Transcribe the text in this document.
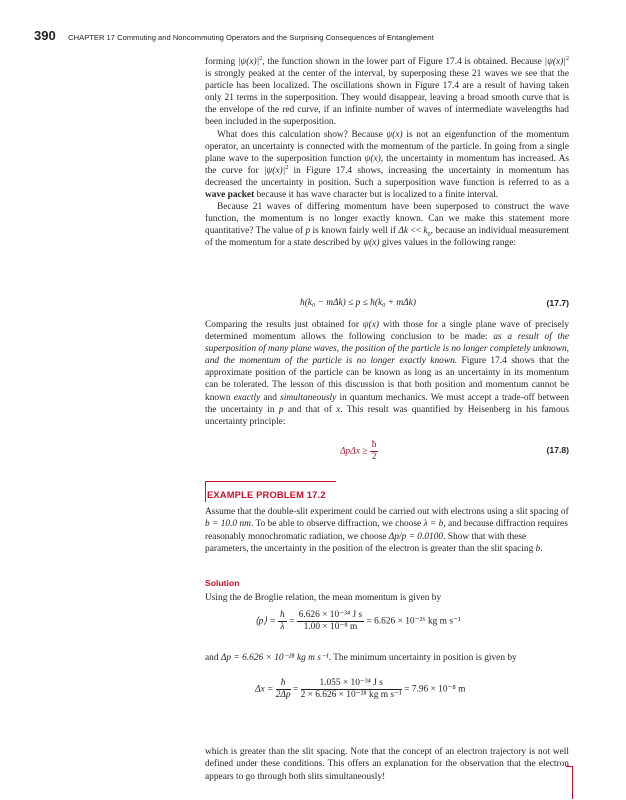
390 CHAPTER 17 Commuting and Noncommuting Operators and the Surprising Consequences of Entanglement

forming $|\psi(x)|^2$, the function shown in the lower part of Figure 17.4 is obtained. Because $|\psi(x)|^2$ is strongly peaked at the center of the interval, by superposing these 21 waves we see that the particle has been localized. The oscillations shown in Figure 17.4 are a result of having taken only 21 terms in the superposition. They would disappear, leaving a broad smooth curve that is the envelope of the red curve, if an infinite number of waves of intermediate wavelengths had been included in the superposition.

What does this calculation show? Because ψ(x) is not an eigenfunction of the momentum operator, an uncertainty is connected with the momentum of the particle. In going from a single plane wave to the superposition function ψ(x), the uncertainty in momentum has increased. As the curve for $|\psi(x)|^2$ in Figure 17.4 shows, increasing the uncertainty in momentum has decreased the uncertainty in position. Such a superposition wave function is referred to as a wave packet because it has wave character but is localized to a finite interval.

Because 21 waves of differing momentum have been superposed to construct the wave function, the momentum is no longer exactly known. Can we make this statement more quantitative? The value of p is known fairly well if $\Delta k << k_0$, because an individual measurement of the momentum for a state described by ψ(x) gives values in the following range:

ħ(k₀ − mΔk) ≤ p ≤ ħ(k₀ + mΔk)	(17.7)

Comparing the results just obtained for ψ(x) with those for a single plane wave of precisely determined momentum allows the following conclusion to be made: as a result of the superposition of many plane waves, the position of the particle is no longer completely unknown, and the momentum of the particle is no longer exactly known. Figure 17.4 shows that the approximate position of the particle can be known as long as an uncertainty in its momentum can be tolerated. The lesson of this discussion is that both position and momentum cannot be known exactly and simultaneously in quantum mechanics. We must accept a trade-off between the uncertainty in p and that of x. This result was quantified by Heisenberg in his famous uncertainty principle:

$\Delta p\Delta x \ge \frac{ħ}{2}$	(17.8)
EXAMPLE PROBLEM 17.2

Assume that the double-slit experiment could be carried out with electrons using a slit spacing of b = 10.0 nm. To be able to observe diffraction, we choose λ = b, and because diffraction requires reasonably monochromatic radiation, we choose Δp/p = 0.0100. Show that with these parameters, the uncertainty in the position of the electron is greater than the slit spacing b.

Solution
Using the de Broglie relation, the mean momentum is given by
⟨p⟩ = $\frac{ħ}{\lambda} = \frac{\text{6.626 × 10⁻³⁴ J s}}{\text{1.00 × 10⁻⁸ m}} = 6.626 \times 10^{-26}$ kg m s⁻¹

and Δp = 6.626 × 10⁻²⁸ kg m s⁻¹. The minimum uncertainty in position is given by

$\Delta x = \frac{ħ}{2\Delta p} = \frac{\text{1.055 × 10⁻³⁴ J s}}{\text{2 × 6.626 × 10⁻²⁸ kg m s⁻¹}} = 7.96 \times 10^{-8}$ m
which is greater than the slit spacing. Note that the concept of an electron trajectory is not well defined under these conditions. This offers an explanation for the observation that the electron appears to go through both slits simultaneously!
